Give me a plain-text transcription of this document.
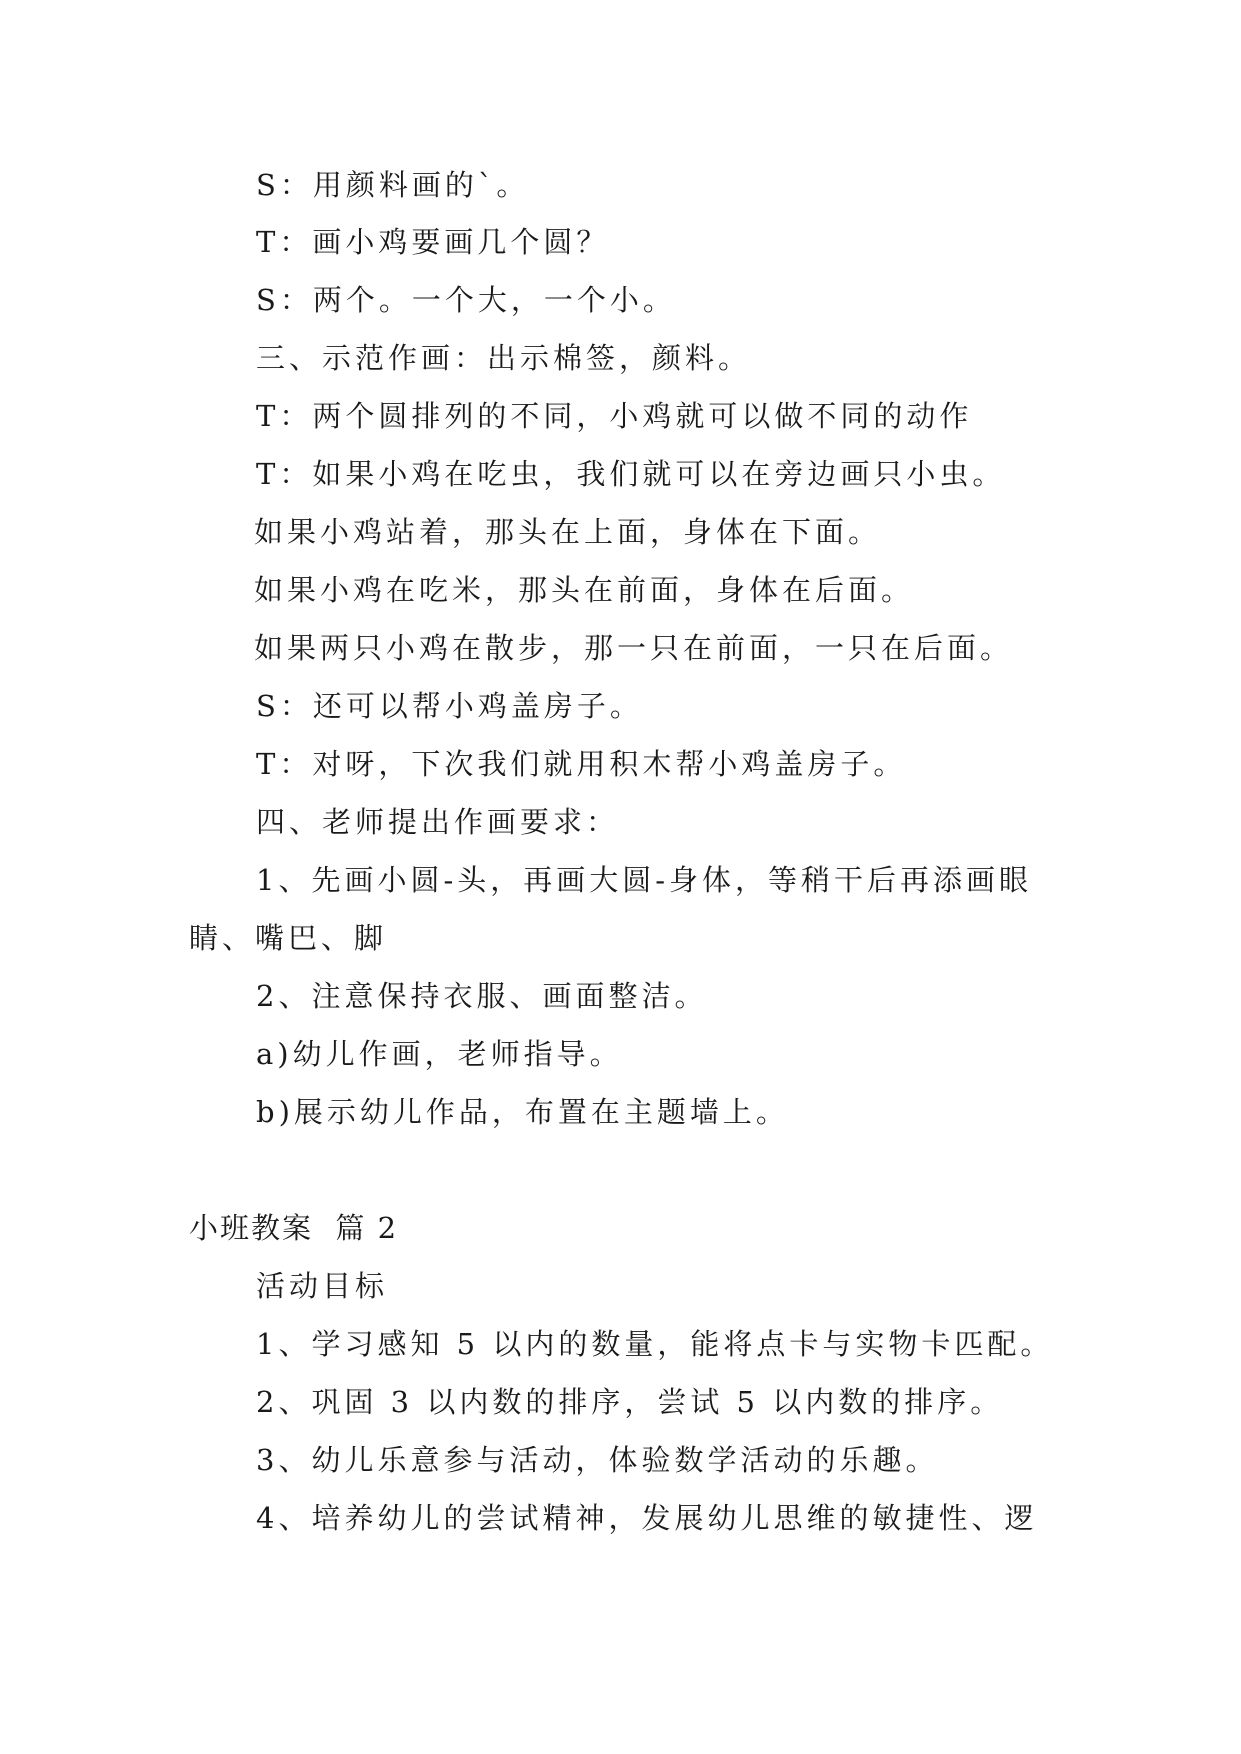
S：用颜料画的`。
T：画小鸡要画几个圆？
S：两个。一个大，一个小。
三、示范作画：出示棉签，颜料。
T：两个圆排列的不同，小鸡就可以做不同的动作
T：如果小鸡在吃虫，我们就可以在旁边画只小虫。
如果小鸡站着，那头在上面，身体在下面。
如果小鸡在吃米，那头在前面，身体在后面。
如果两只小鸡在散步，那一只在前面，一只在后面。
S：还可以帮小鸡盖房子。
T：对呀，下次我们就用积木帮小鸡盖房子。
四、老师提出作画要求：
1、先画小圆-头，再画大圆-身体，等稍干后再添画眼
睛、嘴巴、脚
2、注意保持衣服、画面整洁。
a)幼儿作画，老师指导。
b)展示幼儿作品，布置在主题墙上。
小班教案  篇 2
活动目标
1、学习感知 5 以内的数量，能将点卡与实物卡匹配。
2、巩固 3 以内数的排序，尝试 5 以内数的排序。
3、幼儿乐意参与活动，体验数学活动的乐趣。
4、培养幼儿的尝试精神，发展幼儿思维的敏捷性、逻
